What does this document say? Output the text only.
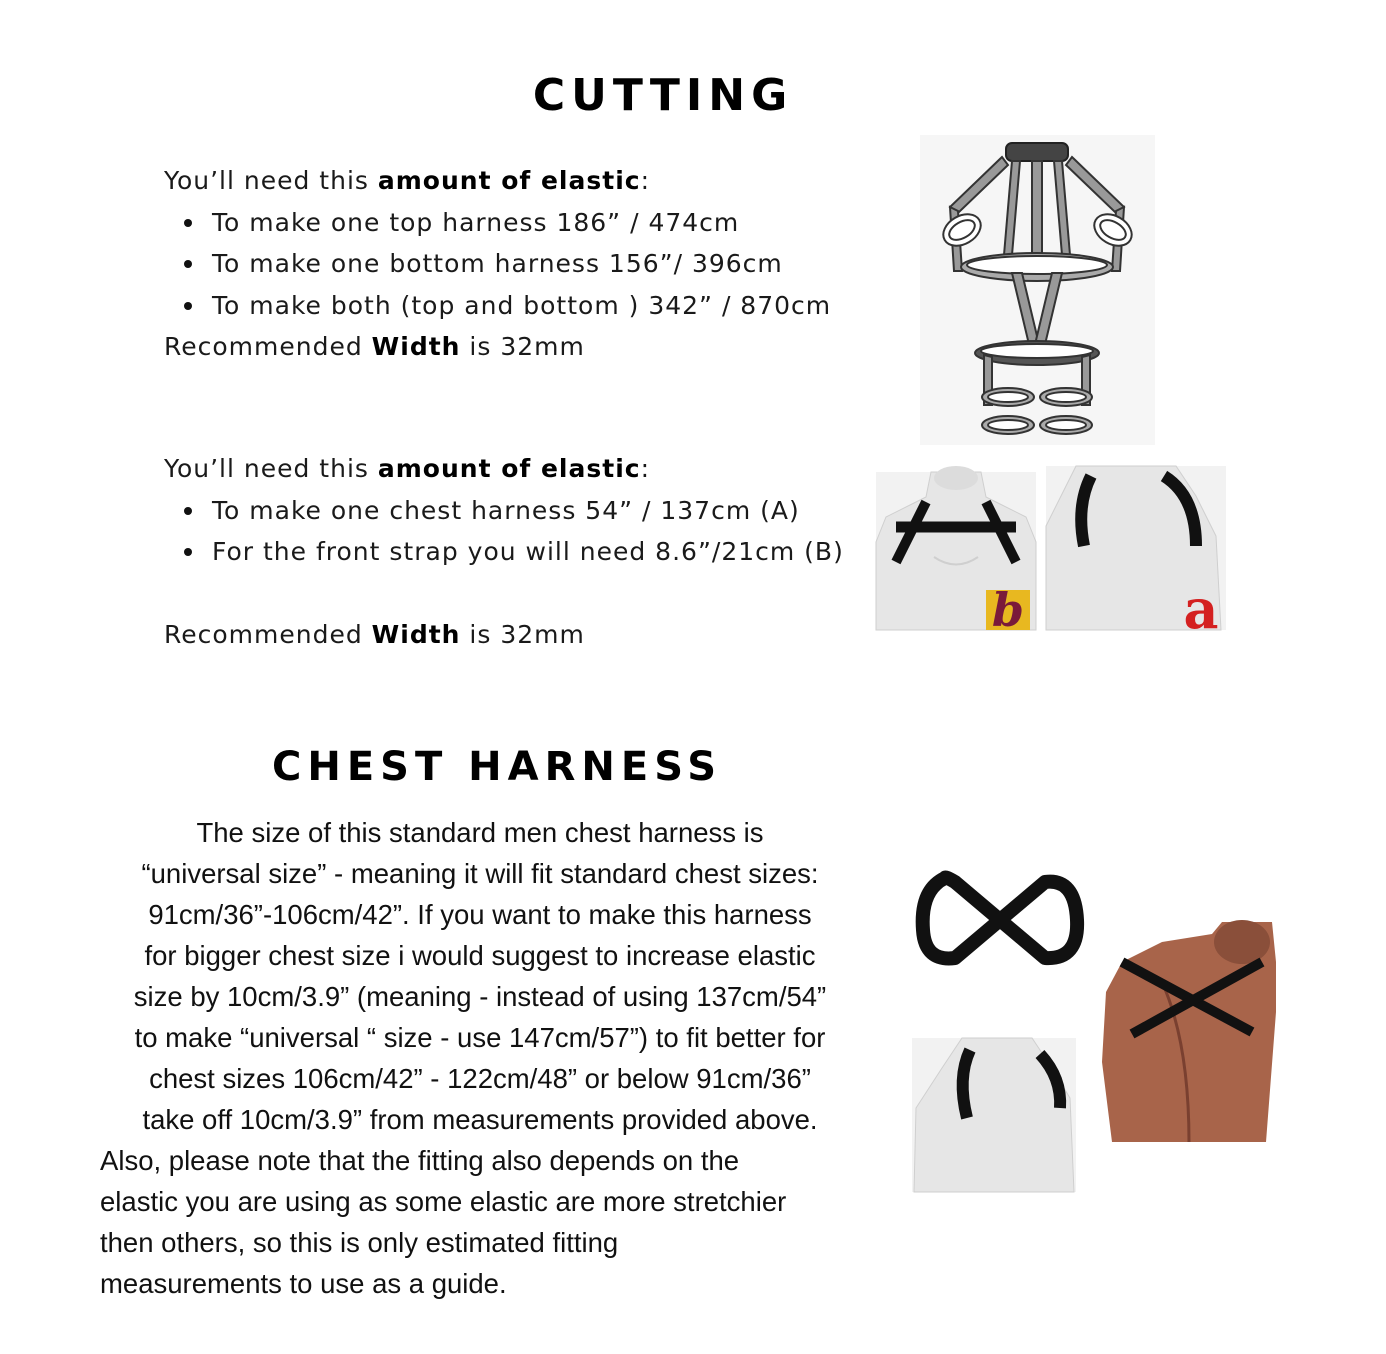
CUTTING
You’ll need this amount of elastic:
To make one top harness 186” / 474cm
To make one bottom harness 156”/ 396cm
To make both (top and bottom ) 342” / 870cm
Recommended Width is 32mm
You’ll need this amount of elastic:
To make one chest harness 54” / 137cm (A)
For the front strap you will need 8.6”/21cm (B)
Recommended Width is 32mm	b	a
CHEST HARNESS
The size of this standard men chest harness is
“universal size” - meaning it will fit standard chest sizes:
91cm/36”-106cm/42”. If you want to make this harness
for bigger chest size i would suggest to increase elastic
size by 10cm/3.9” (meaning - instead of using 137cm/54”
to make “universal “ size - use 147cm/57”) to fit better for
chest sizes 106cm/42” - 122cm/48” or below 91cm/36”
take off 10cm/3.9” from measurements provided above.
Also, please note that the fitting also depends on the
elastic you are using as some elastic are more stretchier
then others, so this is only estimated fitting
measurements to use as a guide.
